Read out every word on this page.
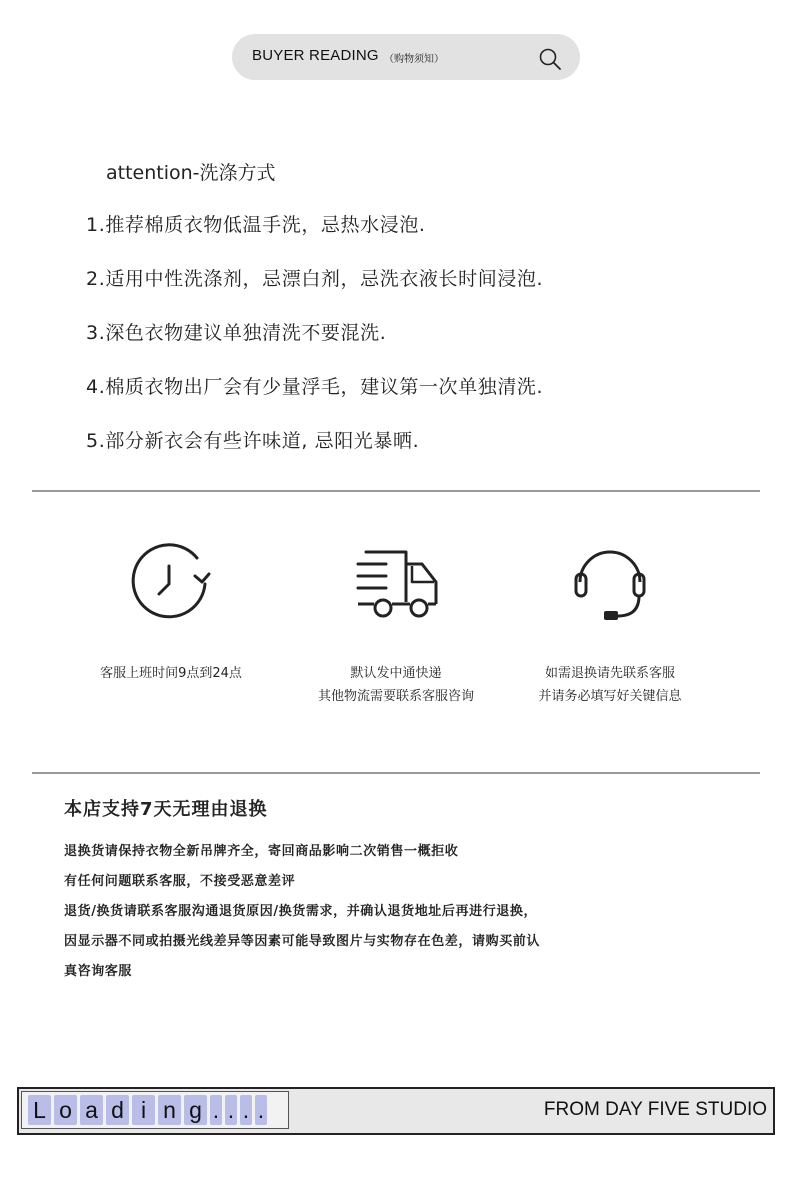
BUYER READING （购物须知）
attention-洗涤方式
1.推荐棉质衣物低温手洗，忌热水浸泡.
2.适用中性洗涤剂，忌漂白剂，忌洗衣液长时间浸泡.
3.深色衣物建议单独清洗不要混洗.
4.棉质衣物出厂会有少量浮毛，建议第一次单独清洗.
5.部分新衣会有些许味道, 忌阳光暴晒.
客服上班时间9点到24点	默认发中通快递
其他物流需要联系客服咨询
如需退换请先联系客服
并请务必填写好关键信息
本店支持7天无理由退换
退换货请保持衣物全新吊牌齐全，寄回商品影响二次销售一概拒收
有任何问题联系客服，不接受恶意差评
退货/换货请联系客服沟通退货原因/换货需求，并确认退货地址后再进行退换，
因显示器不同或拍摄光线差异等因素可能导致图片与实物存在色差，请购买前认
真咨询客服
L o a d i n g . . . .	FROM DAY FIVE STUDIO
